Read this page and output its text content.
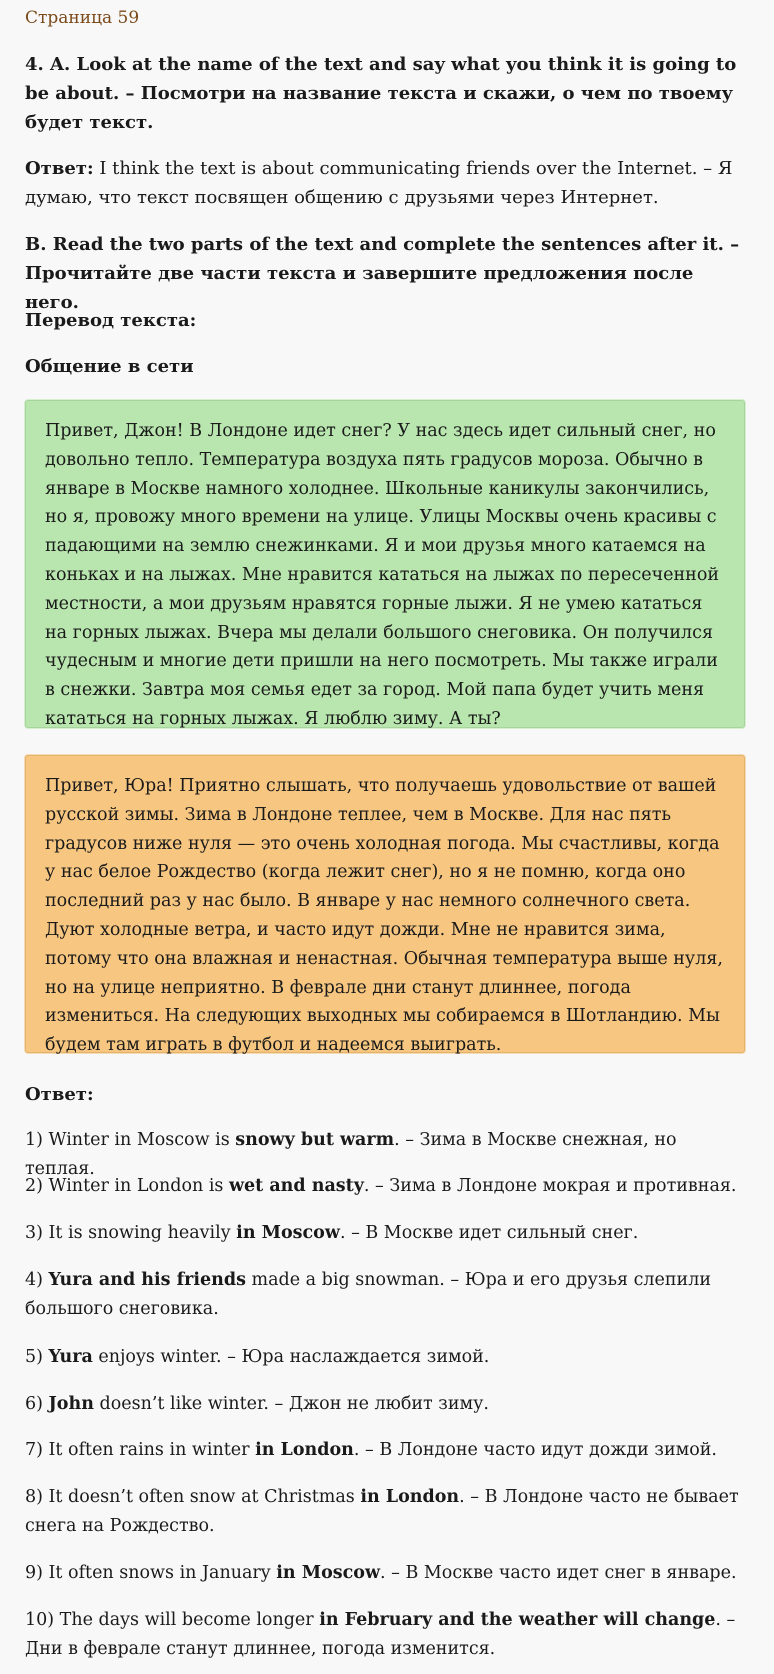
Страница 59

4. A. Look at the name of the text and say what you think it is going to be about. – Посмотри на название текста и скажи, о чем по твоему будет текст.

Ответ: I think the text is about communicating friends over the Internet. – Я думаю, что текст посвящен общению с друзьями через Интернет.

B. Read the two parts of the text and complete the sentences after it. – Прочитайте две части текста и завершите предложения после него.

Перевод текста:

Общение в сети

Привет, Джон! В Лондоне идет снег? У нас здесь идет сильный снег, но довольно тепло. Температура воздуха пять градусов мороза. Обычно в январе в Москве намного холоднее. Школьные каникулы закончились, но я, провожу много времени на улице. Улицы Москвы очень красивы с падающими на землю снежинками. Я и мои друзья много катаемся на коньках и на лыжах. Мне нравится кататься на лыжах по пересеченной местности, а мои друзьям нравятся горные лыжи. Я не умею кататься на горных лыжах. Вчера мы делали большого снеговика. Он получился чудесным и многие дети пришли на него посмотреть. Мы также играли в снежки. Завтра моя семья едет за город. Мой папа будет учить меня кататься на горных лыжах. Я люблю зиму. А ты?
Привет, Юра! Приятно слышать, что получаешь удовольствие от вашей русской зимы. Зима в Лондоне теплее, чем в Москве. Для нас пять градусов ниже нуля — это очень холодная погода. Мы счастливы, когда у нас белое Рождество (когда лежит снег), но я не помню, когда оно последний раз у нас было. В январе у нас немного солнечного света. Дуют холодные ветра, и часто идут дожди. Мне не нравится зима, потому что она влажная и ненастная. Обычная температура выше нуля, но на улице неприятно. В феврале дни станут длиннее, погода измениться. На следующих выходных мы собираемся в Шотландию. Мы будем там играть в футбол и надеемся выиграть.

Ответ:

1) Winter in Moscow is snowy but warm. – Зима в Москве снежная, но теплая.

2) Winter in London is wet and nasty. – Зима в Лондоне мокрая и противная.

3) It is snowing heavily in Moscow. – В Москве идет сильный снег.

4) Yura and his friends made a big snowman. – Юра и его друзья слепили большого снеговика.

5) Yura enjoys winter. – Юра наслаждается зимой.

6) John doesn’t like winter. – Джон не любит зиму.

7) It often rains in winter in London. – В Лондоне часто идут дожди зимой.

8) It doesn’t often snow at Christmas in London. – В Лондоне часто не бывает снега на Рождество.

9) It often snows in January in Moscow. – В Москве часто идет снег в январе.

10) The days will become longer in February and the weather will change. – Дни в феврале станут длиннее, погода изменится.
